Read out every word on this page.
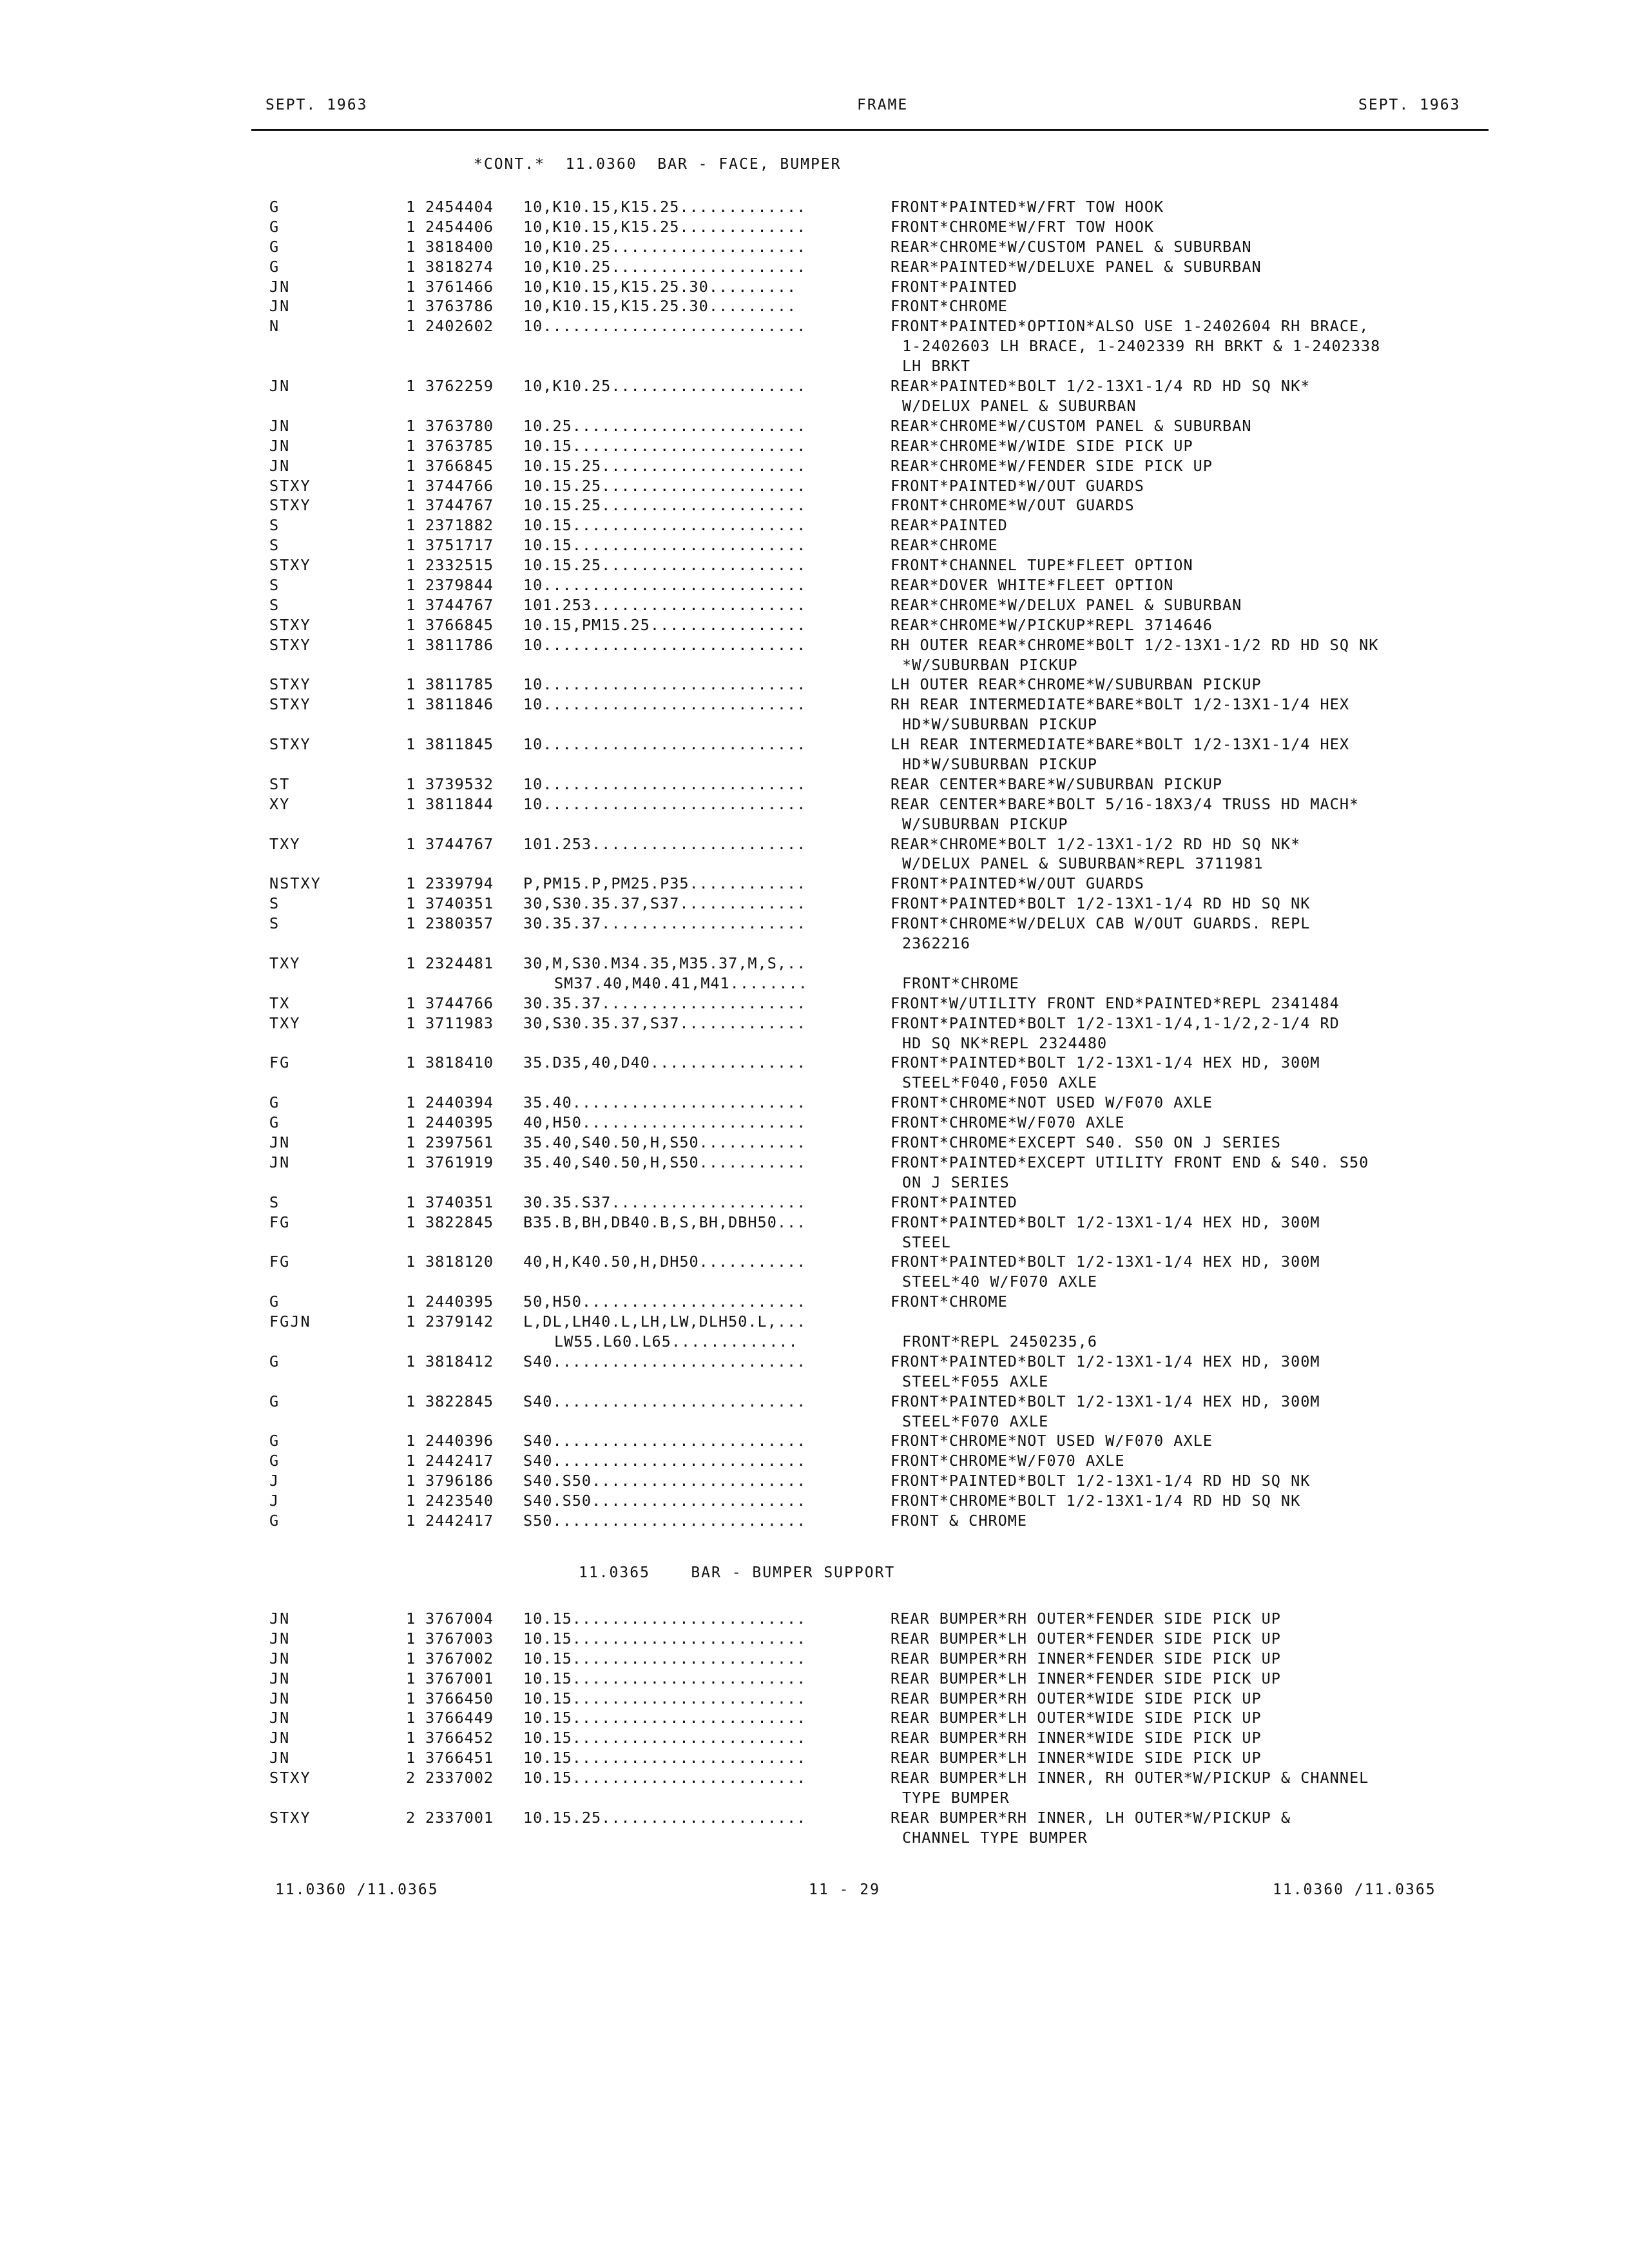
SEPT. 1963	FRAME	SEPT. 1963
*CONT.*  11.0360  BAR - FACE, BUMPER
G	1 2454404 10,K10.15,K15.25.............	FRONT*PAINTED*W/FRT TOW HOOK
G	1 2454406 10,K10.15,K15.25.............	FRONT*CHROME*W/FRT TOW HOOK
G	1 3818400 10,K10.25....................	REAR*CHROME*W/CUSTOM PANEL & SUBURBAN
G	1 3818274 10,K10.25....................	REAR*PAINTED*W/DELUXE PANEL & SUBURBAN
JN	1 3761466 10,K10.15,K15.25.30.........	FRONT*PAINTED
JN	1 3763786 10,K10.15,K15.25.30.........	FRONT*CHROME
N	1 2402602 10...........................	FRONT*PAINTED*OPTION*ALSO USE 1-2402604 RH BRACE,
1-2402603 LH BRACE, 1-2402339 RH BRKT & 1-2402338
LH BRKT
JN	1 3762259 10,K10.25....................	REAR*PAINTED*BOLT 1/2-13X1-1/4 RD HD SQ NK*
W/DELUX PANEL & SUBURBAN
JN	1 3763780 10.25........................	REAR*CHROME*W/CUSTOM PANEL & SUBURBAN
JN	1 3763785 10.15........................	REAR*CHROME*W/WIDE SIDE PICK UP
JN	1 3766845 10.15.25.....................	REAR*CHROME*W/FENDER SIDE PICK UP
STXY	1 3744766 10.15.25.....................	FRONT*PAINTED*W/OUT GUARDS
STXY	1 3744767 10.15.25.....................	FRONT*CHROME*W/OUT GUARDS
S	1 2371882 10.15........................	REAR*PAINTED
S	1 3751717 10.15........................	REAR*CHROME
STXY	1 2332515 10.15.25.....................	FRONT*CHANNEL TUPE*FLEET OPTION
S	1 2379844 10...........................	REAR*DOVER WHITE*FLEET OPTION
S	1 3744767 101.253......................	REAR*CHROME*W/DELUX PANEL & SUBURBAN
STXY	1 3766845 10.15,PM15.25................	REAR*CHROME*W/PICKUP*REPL 3714646
STXY	1 3811786 10...........................	RH OUTER REAR*CHROME*BOLT 1/2-13X1-1/2 RD HD SQ NK
*W/SUBURBAN PICKUP
STXY	1 3811785 10...........................	LH OUTER REAR*CHROME*W/SUBURBAN PICKUP
STXY	1 3811846 10...........................	RH REAR INTERMEDIATE*BARE*BOLT 1/2-13X1-1/4 HEX
HD*W/SUBURBAN PICKUP
STXY	1 3811845 10...........................	LH REAR INTERMEDIATE*BARE*BOLT 1/2-13X1-1/4 HEX
HD*W/SUBURBAN PICKUP
ST	1 3739532 10...........................	REAR CENTER*BARE*W/SUBURBAN PICKUP
XY	1 3811844 10...........................	REAR CENTER*BARE*BOLT 5/16-18X3/4 TRUSS HD MACH*
W/SUBURBAN PICKUP
TXY	1 3744767 101.253......................	REAR*CHROME*BOLT 1/2-13X1-1/2 RD HD SQ NK*
W/DELUX PANEL & SUBURBAN*REPL 3711981
NSTXY	1 2339794 P,PM15.P,PM25.P35............	FRONT*PAINTED*W/OUT GUARDS
S	1 3740351 30,S30.35.37,S37.............	FRONT*PAINTED*BOLT 1/2-13X1-1/4 RD HD SQ NK
S	1 2380357 30.35.37.....................	FRONT*CHROME*W/DELUX CAB W/OUT GUARDS. REPL
2362216
TXY	1 2324481 30,M,S30.M34.35,M35.37,M,S,..
SM37.40,M40.41,M41........	FRONT*CHROME
TX	1 3744766 30.35.37.....................	FRONT*W/UTILITY FRONT END*PAINTED*REPL 2341484
TXY	1 3711983 30,S30.35.37,S37.............	FRONT*PAINTED*BOLT 1/2-13X1-1/4,1-1/2,2-1/4 RD
HD SQ NK*REPL 2324480
FG	1 3818410 35.D35,40,D40................	FRONT*PAINTED*BOLT 1/2-13X1-1/4 HEX HD, 300M
STEEL*F040,F050 AXLE
G	1 2440394 35.40........................	FRONT*CHROME*NOT USED W/F070 AXLE
G	1 2440395 40,H50.......................	FRONT*CHROME*W/F070 AXLE
JN	1 2397561 35.40,S40.50,H,S50...........	FRONT*CHROME*EXCEPT S40. S50 ON J SERIES
JN	1 3761919 35.40,S40.50,H,S50...........	FRONT*PAINTED*EXCEPT UTILITY FRONT END & S40. S50
ON J SERIES
S	1 3740351 30.35.S37....................	FRONT*PAINTED
FG	1 3822845 B35.B,BH,DB40.B,S,BH,DBH50...	FRONT*PAINTED*BOLT 1/2-13X1-1/4 HEX HD, 300M
STEEL
FG	1 3818120 40,H,K40.50,H,DH50...........	FRONT*PAINTED*BOLT 1/2-13X1-1/4 HEX HD, 300M
STEEL*40 W/F070 AXLE
G	1 2440395 50,H50.......................	FRONT*CHROME
FGJN	1 2379142 L,DL,LH40.L,LH,LW,DLH50.L,...
LW55.L60.L65.............	FRONT*REPL 2450235,6
G	1 3818412 S40..........................	FRONT*PAINTED*BOLT 1/2-13X1-1/4 HEX HD, 300M
STEEL*F055 AXLE
G	1 3822845 S40..........................	FRONT*PAINTED*BOLT 1/2-13X1-1/4 HEX HD, 300M
STEEL*F070 AXLE
G	1 2440396 S40..........................	FRONT*CHROME*NOT USED W/F070 AXLE
G	1 2442417 S40..........................	FRONT*CHROME*W/F070 AXLE
J	1 3796186 S40.S50......................	FRONT*PAINTED*BOLT 1/2-13X1-1/4 RD HD SQ NK
J	1 2423540 S40.S50......................	FRONT*CHROME*BOLT 1/2-13X1-1/4 RD HD SQ NK
G	1 2442417 S50..........................	FRONT & CHROME
11.0365    BAR - BUMPER SUPPORT
JN	1 3767004 10.15........................	REAR BUMPER*RH OUTER*FENDER SIDE PICK UP
JN	1 3767003 10.15........................	REAR BUMPER*LH OUTER*FENDER SIDE PICK UP
JN	1 3767002 10.15........................	REAR BUMPER*RH INNER*FENDER SIDE PICK UP
JN	1 3767001 10.15........................	REAR BUMPER*LH INNER*FENDER SIDE PICK UP
JN	1 3766450 10.15........................	REAR BUMPER*RH OUTER*WIDE SIDE PICK UP
JN	1 3766449 10.15........................	REAR BUMPER*LH OUTER*WIDE SIDE PICK UP
JN	1 3766452 10.15........................	REAR BUMPER*RH INNER*WIDE SIDE PICK UP
JN	1 3766451 10.15........................	REAR BUMPER*LH INNER*WIDE SIDE PICK UP
STXY	2 2337002 10.15........................	REAR BUMPER*LH INNER, RH OUTER*W/PICKUP & CHANNEL
TYPE BUMPER
STXY	2 2337001 10.15.25.....................	REAR BUMPER*RH INNER, LH OUTER*W/PICKUP &
CHANNEL TYPE BUMPER
11.0360 /11.0365	11 - 29	11.0360 /11.0365
